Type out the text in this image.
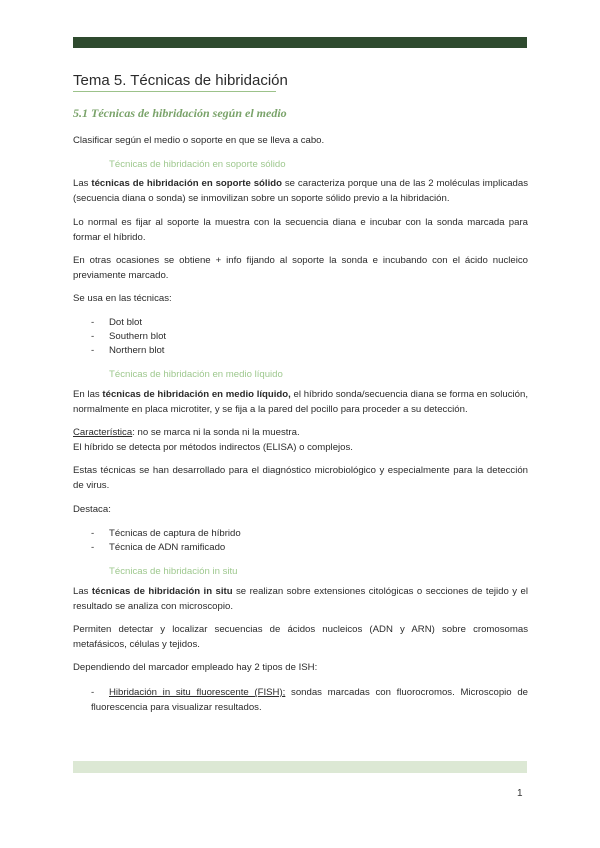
Tema 5. Técnicas de hibridación
5.1 Técnicas de hibridación según el medio

Clasificar según el medio o soporte en que se lleva a cabo.

Técnicas de hibridación en soporte sólido

Las técnicas de hibridación en soporte sólido se caracteriza porque una de las 2 moléculas implicadas (secuencia diana o sonda) se inmovilizan sobre un soporte sólido previo a la hibridación.

Lo normal es fijar al soporte la muestra con la secuencia diana e incubar con la sonda marcada para formar el híbrido.

En otras ocasiones se obtiene + info fijando al soporte la sonda e incubando con el ácido nucleico previamente marcado.

Se usa en las técnicas:

- Dot blot

- Southern blot

- Northern blot

Técnicas de hibridación en medio líquido

En las técnicas de hibridación en medio líquido, el híbrido sonda/secuencia diana se forma en solución, normalmente en placa microtiter, y se fija a la pared del pocillo para proceder a su detección.

Característica: no se marca ni la sonda ni la muestra.
El híbrido se detecta por métodos indirectos (ELISA) o complejos.

Estas técnicas se han desarrollado para el diagnóstico microbiológico y especialmente para la detección de virus.

Destaca:

- Técnicas de captura de híbrido

- Técnica de ADN ramificado

Técnicas de hibridación in situ

Las técnicas de hibridación in situ se realizan sobre extensiones citológicas o secciones de tejido y el resultado se analiza con microscopio.

Permiten detectar y localizar secuencias de ácidos nucleicos (ADN y ARN) sobre cromosomas metafásicos, células y tejidos.

Dependiendo del marcador empleado hay 2 tipos de ISH:

- Hibridación in situ fluorescente (FISH); sondas marcadas con fluorocromos. Microscopio de fluorescencia para visualizar resultados.

1
